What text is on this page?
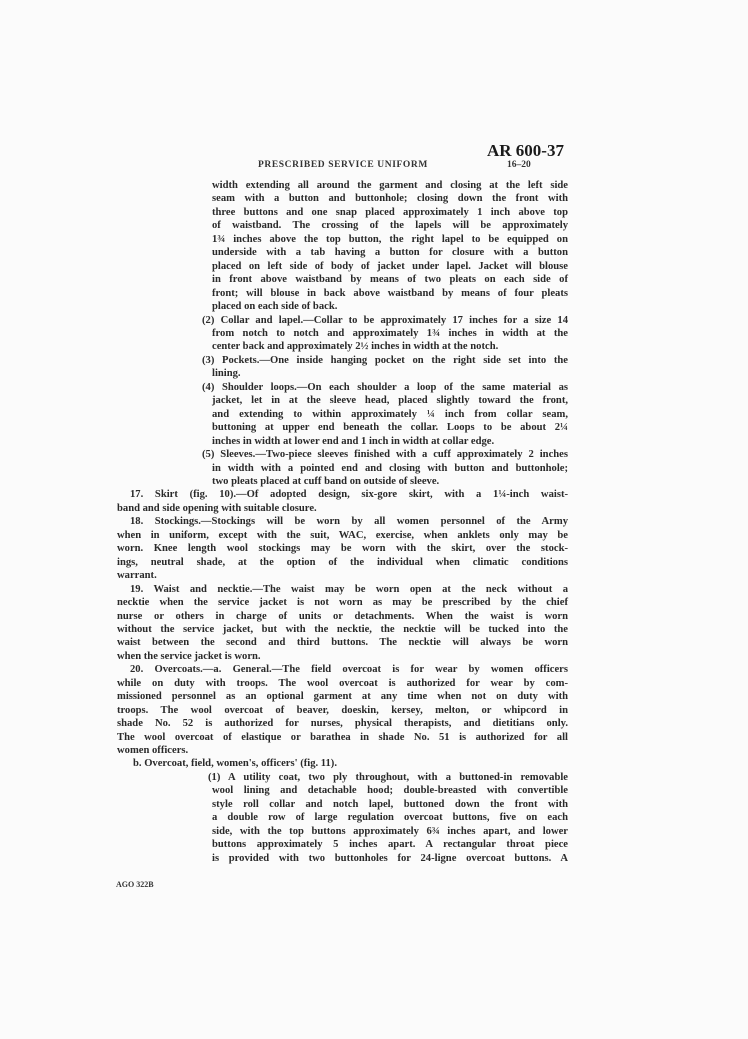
AR 600-37
PRESCRIBED SERVICE UNIFORM	16–20
width extending all around the garment and closing at the left side
seam with a button and buttonhole; closing down the front with
three buttons and one snap placed approximately 1 inch above top
of waistband. The crossing of the lapels will be approximately
1¾ inches above the top button, the right lapel to be equipped on
underside with a tab having a button for closure with a button
placed on left side of body of jacket under lapel. Jacket will blouse
in front above waistband by means of two pleats on each side of
front; will blouse in back above waistband by means of four pleats
placed on each side of back.
(2) Collar and lapel.—Collar to be approximately 17 inches for a size 14
from notch to notch and approximately 1¾ inches in width at the
center back and approximately 2½ inches in width at the notch.
(3) Pockets.—One inside hanging pocket on the right side set into the
lining.
(4) Shoulder loops.—On each shoulder a loop of the same material as
jacket, let in at the sleeve head, placed slightly toward the front,
and extending to within approximately ¼ inch from collar seam,
buttoning at upper end beneath the collar. Loops to be about 2¼
inches in width at lower end and 1 inch in width at collar edge.
(5) Sleeves.—Two-piece sleeves finished with a cuff approximately 2 inches
in width with a pointed end and closing with button and buttonhole;
two pleats placed at cuff band on outside of sleeve.
17. Skirt (fig. 10).—Of adopted design, six-gore skirt, with a 1¼-inch waist-
band and side opening with suitable closure.
18. Stockings.—Stockings will be worn by all women personnel of the Army
when in uniform, except with the suit, WAC, exercise, when anklets only may be
worn. Knee length wool stockings may be worn with the skirt, over the stock-
ings, neutral shade, at the option of the individual when climatic conditions
warrant.
19. Waist and necktie.—The waist may be worn open at the neck without a
necktie when the service jacket is not worn as may be prescribed by the chief
nurse or others in charge of units or detachments. When the waist is worn
without the service jacket, but with the necktie, the necktie will be tucked into the
waist between the second and third buttons. The necktie will always be worn
when the service jacket is worn.
20. Overcoats.—a. General.—The field overcoat is for wear by women officers
while on duty with troops. The wool overcoat is authorized for wear by com-
missioned personnel as an optional garment at any time when not on duty with
troops. The wool overcoat of beaver, doeskin, kersey, melton, or whipcord in
shade No. 52 is authorized for nurses, physical therapists, and dietitians only.
The wool overcoat of elastique or barathea in shade No. 51 is authorized for all
women officers.
b. Overcoat, field, women's, officers' (fig. 11).
(1) A utility coat, two ply throughout, with a buttoned-in removable
wool lining and detachable hood; double-breasted with convertible
style roll collar and notch lapel, buttoned down the front with
a double row of large regulation overcoat buttons, five on each
side, with the top buttons approximately 6¾ inches apart, and lower
buttons approximately 5 inches apart. A rectangular throat piece
is provided with two buttonholes for 24-ligne overcoat buttons. A
AGO 322B
